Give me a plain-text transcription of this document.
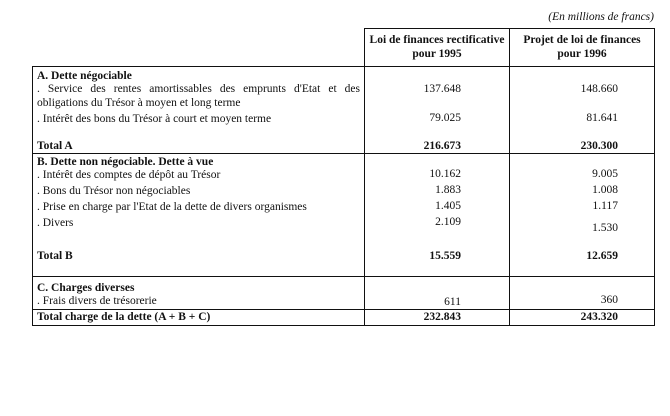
(En millions de francs)
	Loi de finances rectificative pour 1995	Projet de loi de finances pour 1996
A. Dette négociable		
. Service des rentes amortissables des emprunts d'Etat et des obligations du Trésor à moyen et long terme	137.648	148.660
. Intérêt des bons du Trésor à court et moyen terme	79.025	81.641
Total A	216.673	230.300
B. Dette non négociable. Dette à vue		
. Intérêt des comptes de dépôt au Trésor	10.162	9.005
. Bons du Trésor non négociables	1.883	1.008
. Prise en charge par l'Etat de la dette de divers organismes	1.405	1.117
. Divers	2.109	1.530
Total B	15.559	12.659
C. Charges diverses		
. Frais divers de trésorerie	611	360
Total charge de la dette (A + B + C)	232.843	243.320
